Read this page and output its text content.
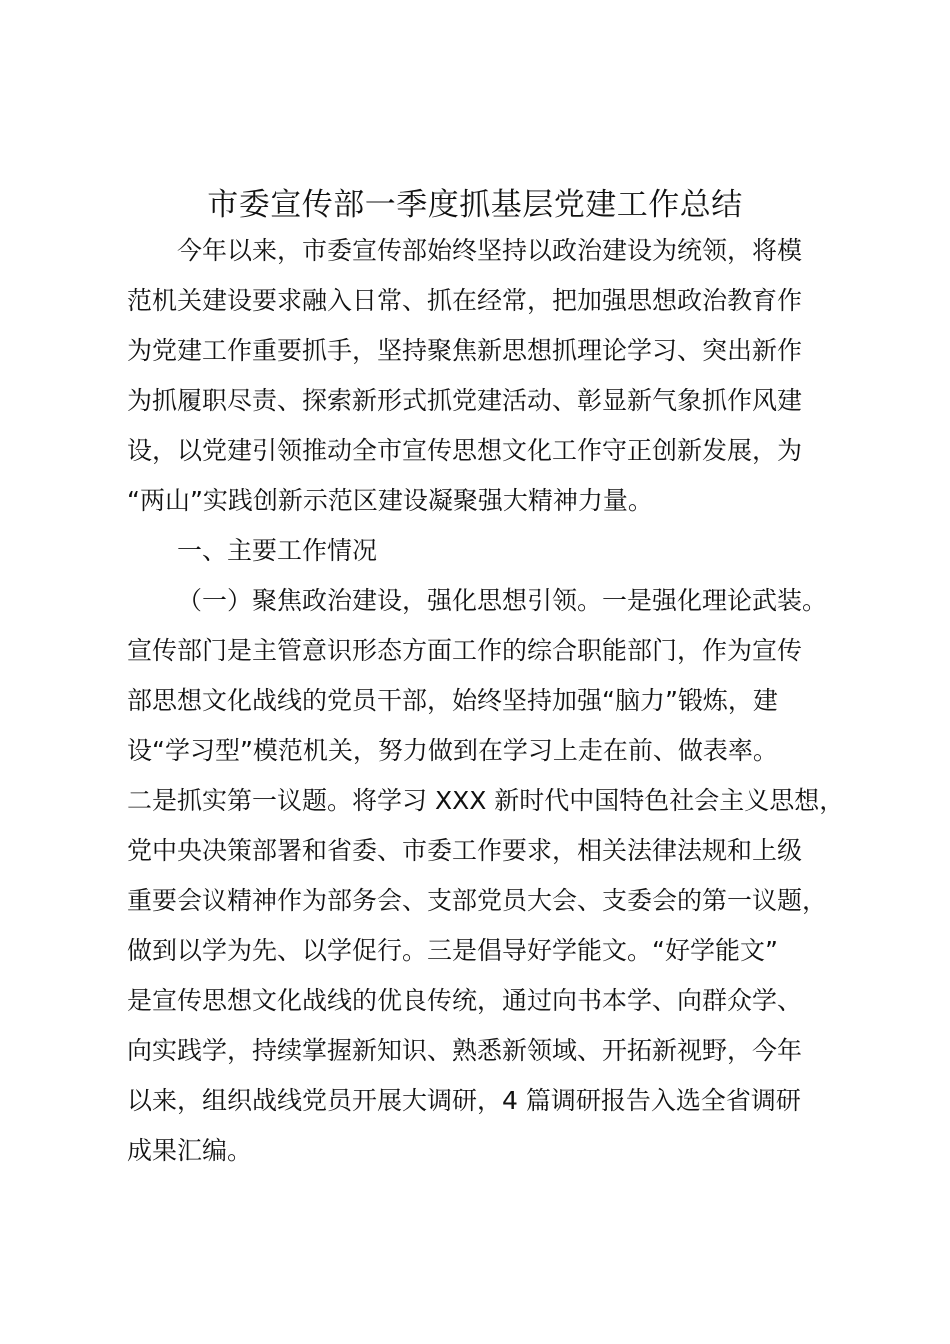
市委宣传部一季度抓基层党建工作总结
今年以来，市委宣传部始终坚持以政治建设为统领，将模
范机关建设要求融入日常、抓在经常，把加强思想政治教育作
为党建工作重要抓手，坚持聚焦新思想抓理论学习、突出新作
为抓履职尽责、探索新形式抓党建活动、彰显新气象抓作风建
设，以党建引领推动全市宣传思想文化工作守正创新发展，为
“两山”实践创新示范区建设凝聚强大精神力量。
一、主要工作情况
（一）聚焦政治建设，强化思想引领。一是强化理论武装。
宣传部门是主管意识形态方面工作的综合职能部门，作为宣传
部思想文化战线的党员干部，始终坚持加强“脑力”锻炼，建
设“学习型”模范机关，努力做到在学习上走在前、做表率。
二是抓实第一议题。将学习 XXX 新时代中国特色社会主义思想，
党中央决策部署和省委、市委工作要求，相关法律法规和上级
重要会议精神作为部务会、支部党员大会、支委会的第一议题，
做到以学为先、以学促行。三是倡导好学能文。“好学能文”
是宣传思想文化战线的优良传统，通过向书本学、向群众学、
向实践学，持续掌握新知识、熟悉新领域、开拓新视野，今年
以来，组织战线党员开展大调研，4 篇调研报告入选全省调研
成果汇编。
